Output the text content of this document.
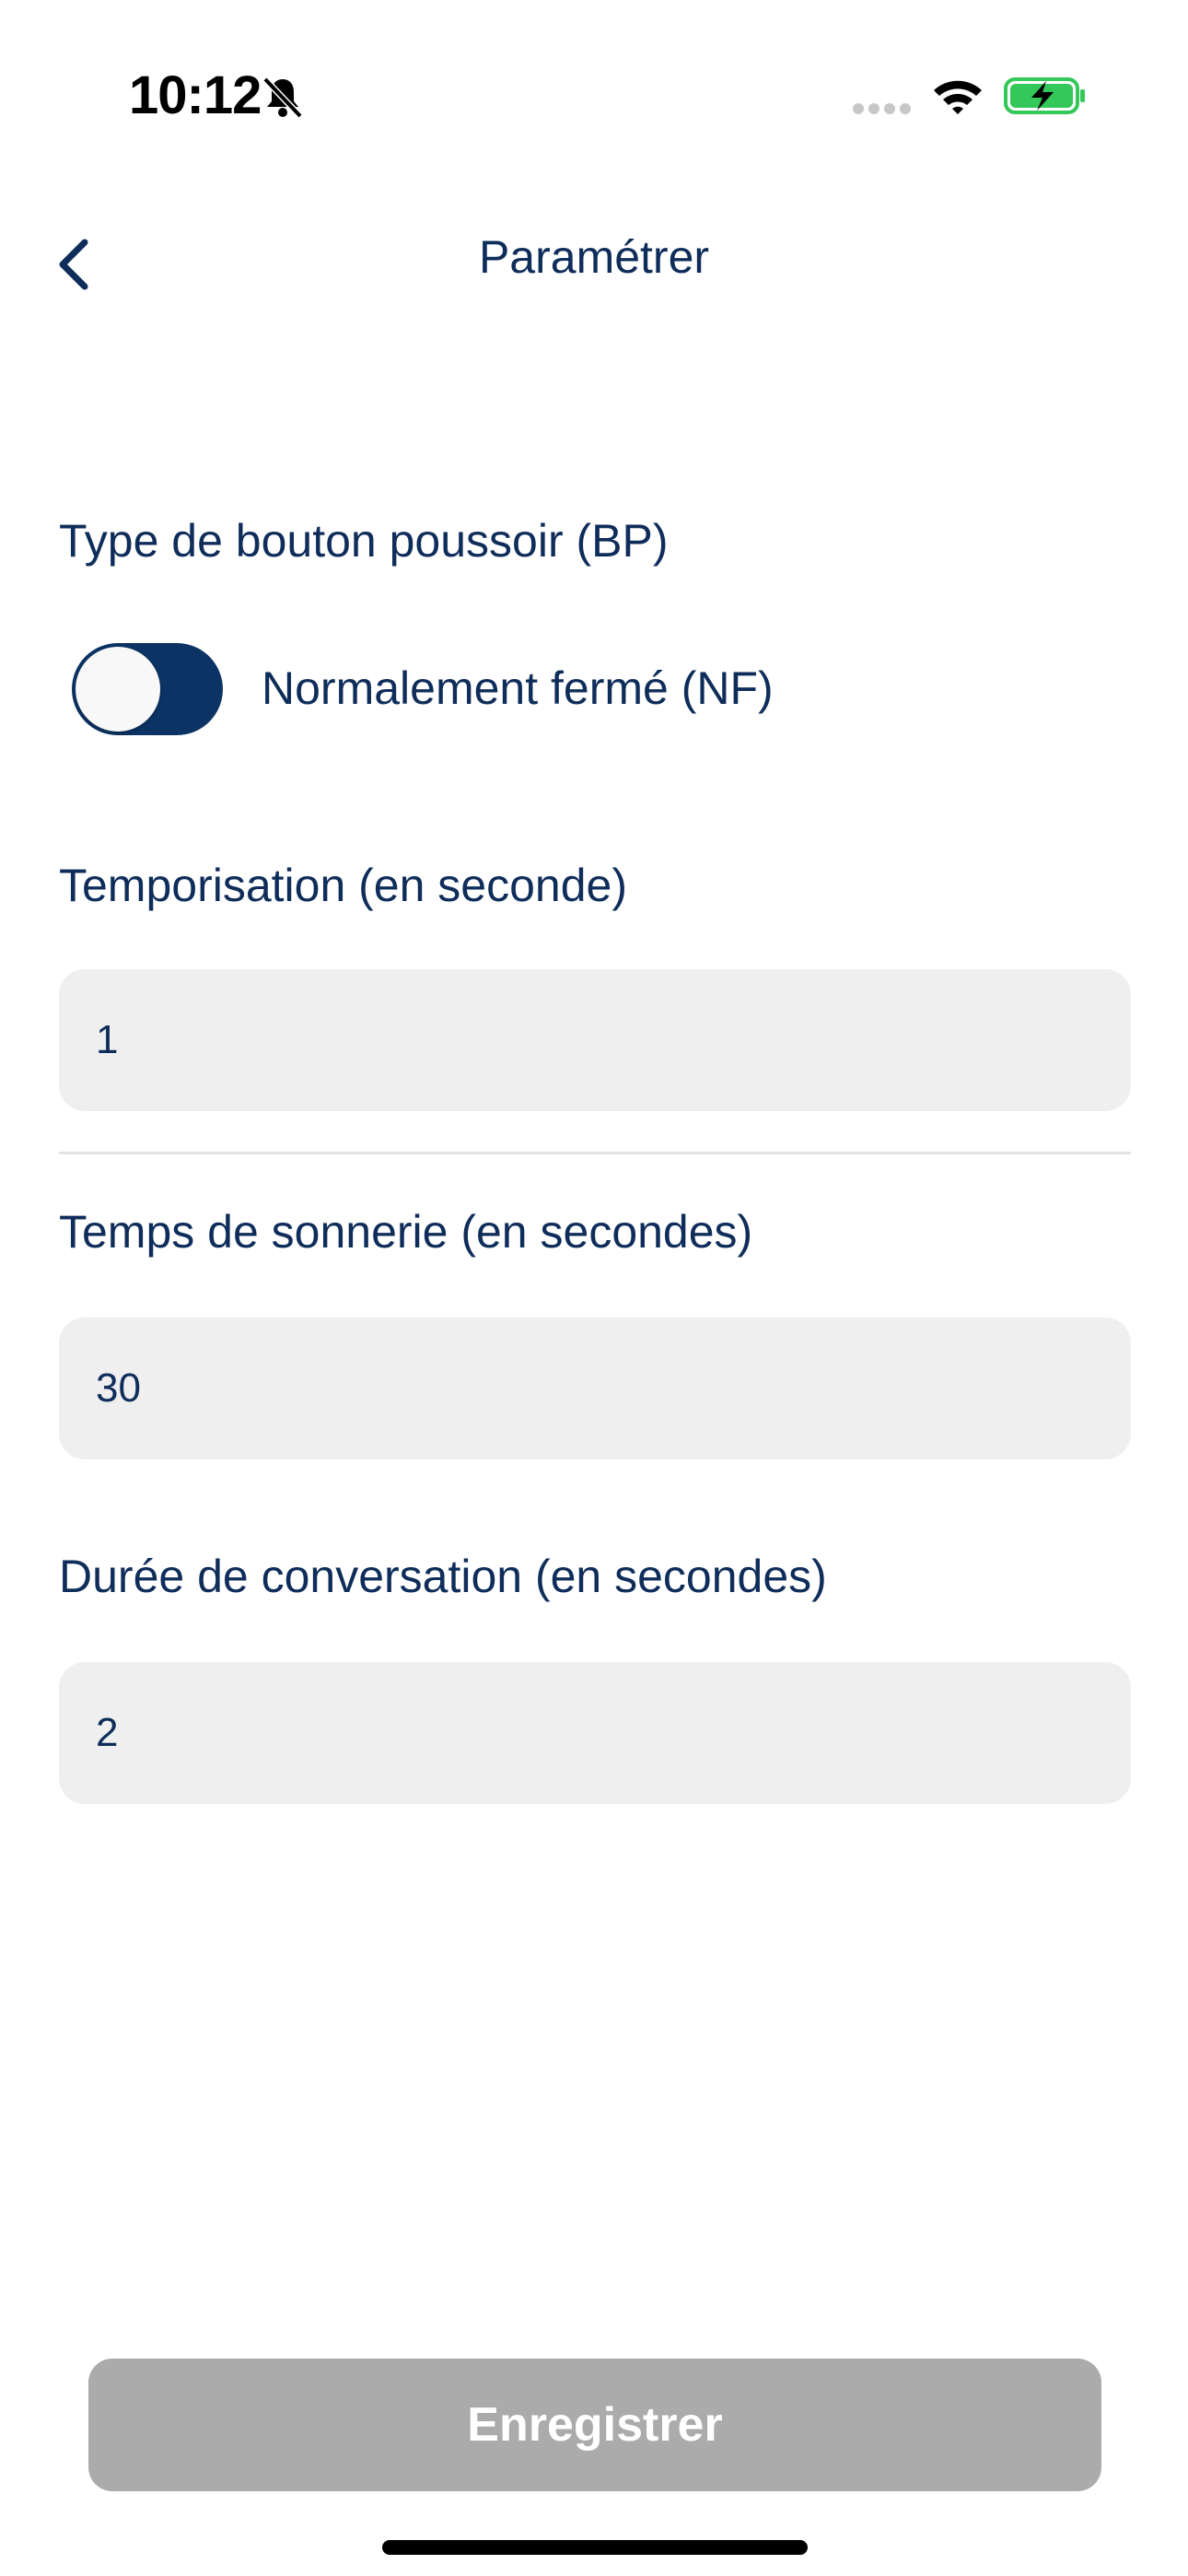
10:12
Paramétrer
Type de bouton poussoir (BP)
Normalement fermé (NF)
Temporisation (en seconde)
1
Temps de sonnerie (en secondes)
30
Durée de conversation (en secondes)
2
Enregistrer
